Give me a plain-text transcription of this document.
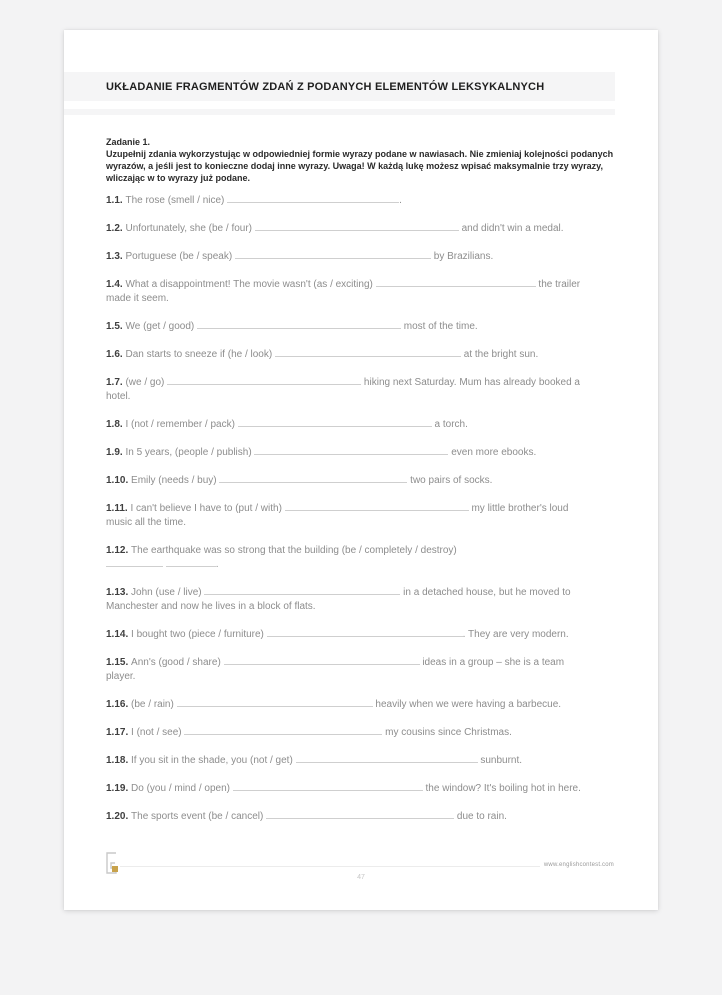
UKŁADANIE FRAGMENTÓW ZDAŃ Z PODANYCH ELEMENTÓW LEKSYKALNYCH
Zadanie 1.
Uzupełnij zdania wykorzystując w odpowiedniej formie wyrazy podane w nawiasach. Nie zmieniaj kolejności podanych wyrazów, a jeśli jest to konieczne dodaj inne wyrazy. Uwaga! W każdą lukę możesz wpisać maksymalnie trzy wyrazy, wliczając w to wyrazy już podane.
1.1. The rose (smell / nice)	.
1.2. Unfortunately, she (be / four)	and didn't win a medal.
1.3. Portuguese (be / speak)	by Brazilians.
1.4. What a disappointment! The movie wasn't (as / exciting)	the trailer made it seem.
1.5. We (get / good)	most of the time.
1.6. Dan starts to sneeze if (he / look)	at the bright sun.
1.7. (we / go)	hiking next Saturday. Mum has already booked a hotel.
1.8. I (not / remember / pack)	a torch.
1.9. In 5 years, (people / publish)	even more ebooks.
1.10. Emily (needs / buy)	two pairs of socks.
1.11. I can't believe I have to (put / with)	my little brother's loud music all the time.
1.12. The earthquake was so strong that the building (be / completely / destroy)
.
1.13. John (use / live)	in a detached house, but he moved to Manchester and now he lives in a block of flats.
1.14. I bought two (piece / furniture)	. They are very modern.
1.15. Ann's (good / share)	ideas in a group – she is a team player.
1.16. (be / rain)	heavily when we were having a barbecue.
1.17. I (not / see)	my cousins since Christmas.
1.18. If you sit in the shade, you (not / get)	sunburnt.
1.19. Do (you / mind / open)	the window? It's boiling hot in here.
1.20. The sports event (be / cancel)	due to rain.
www.englishcontest.com
47
